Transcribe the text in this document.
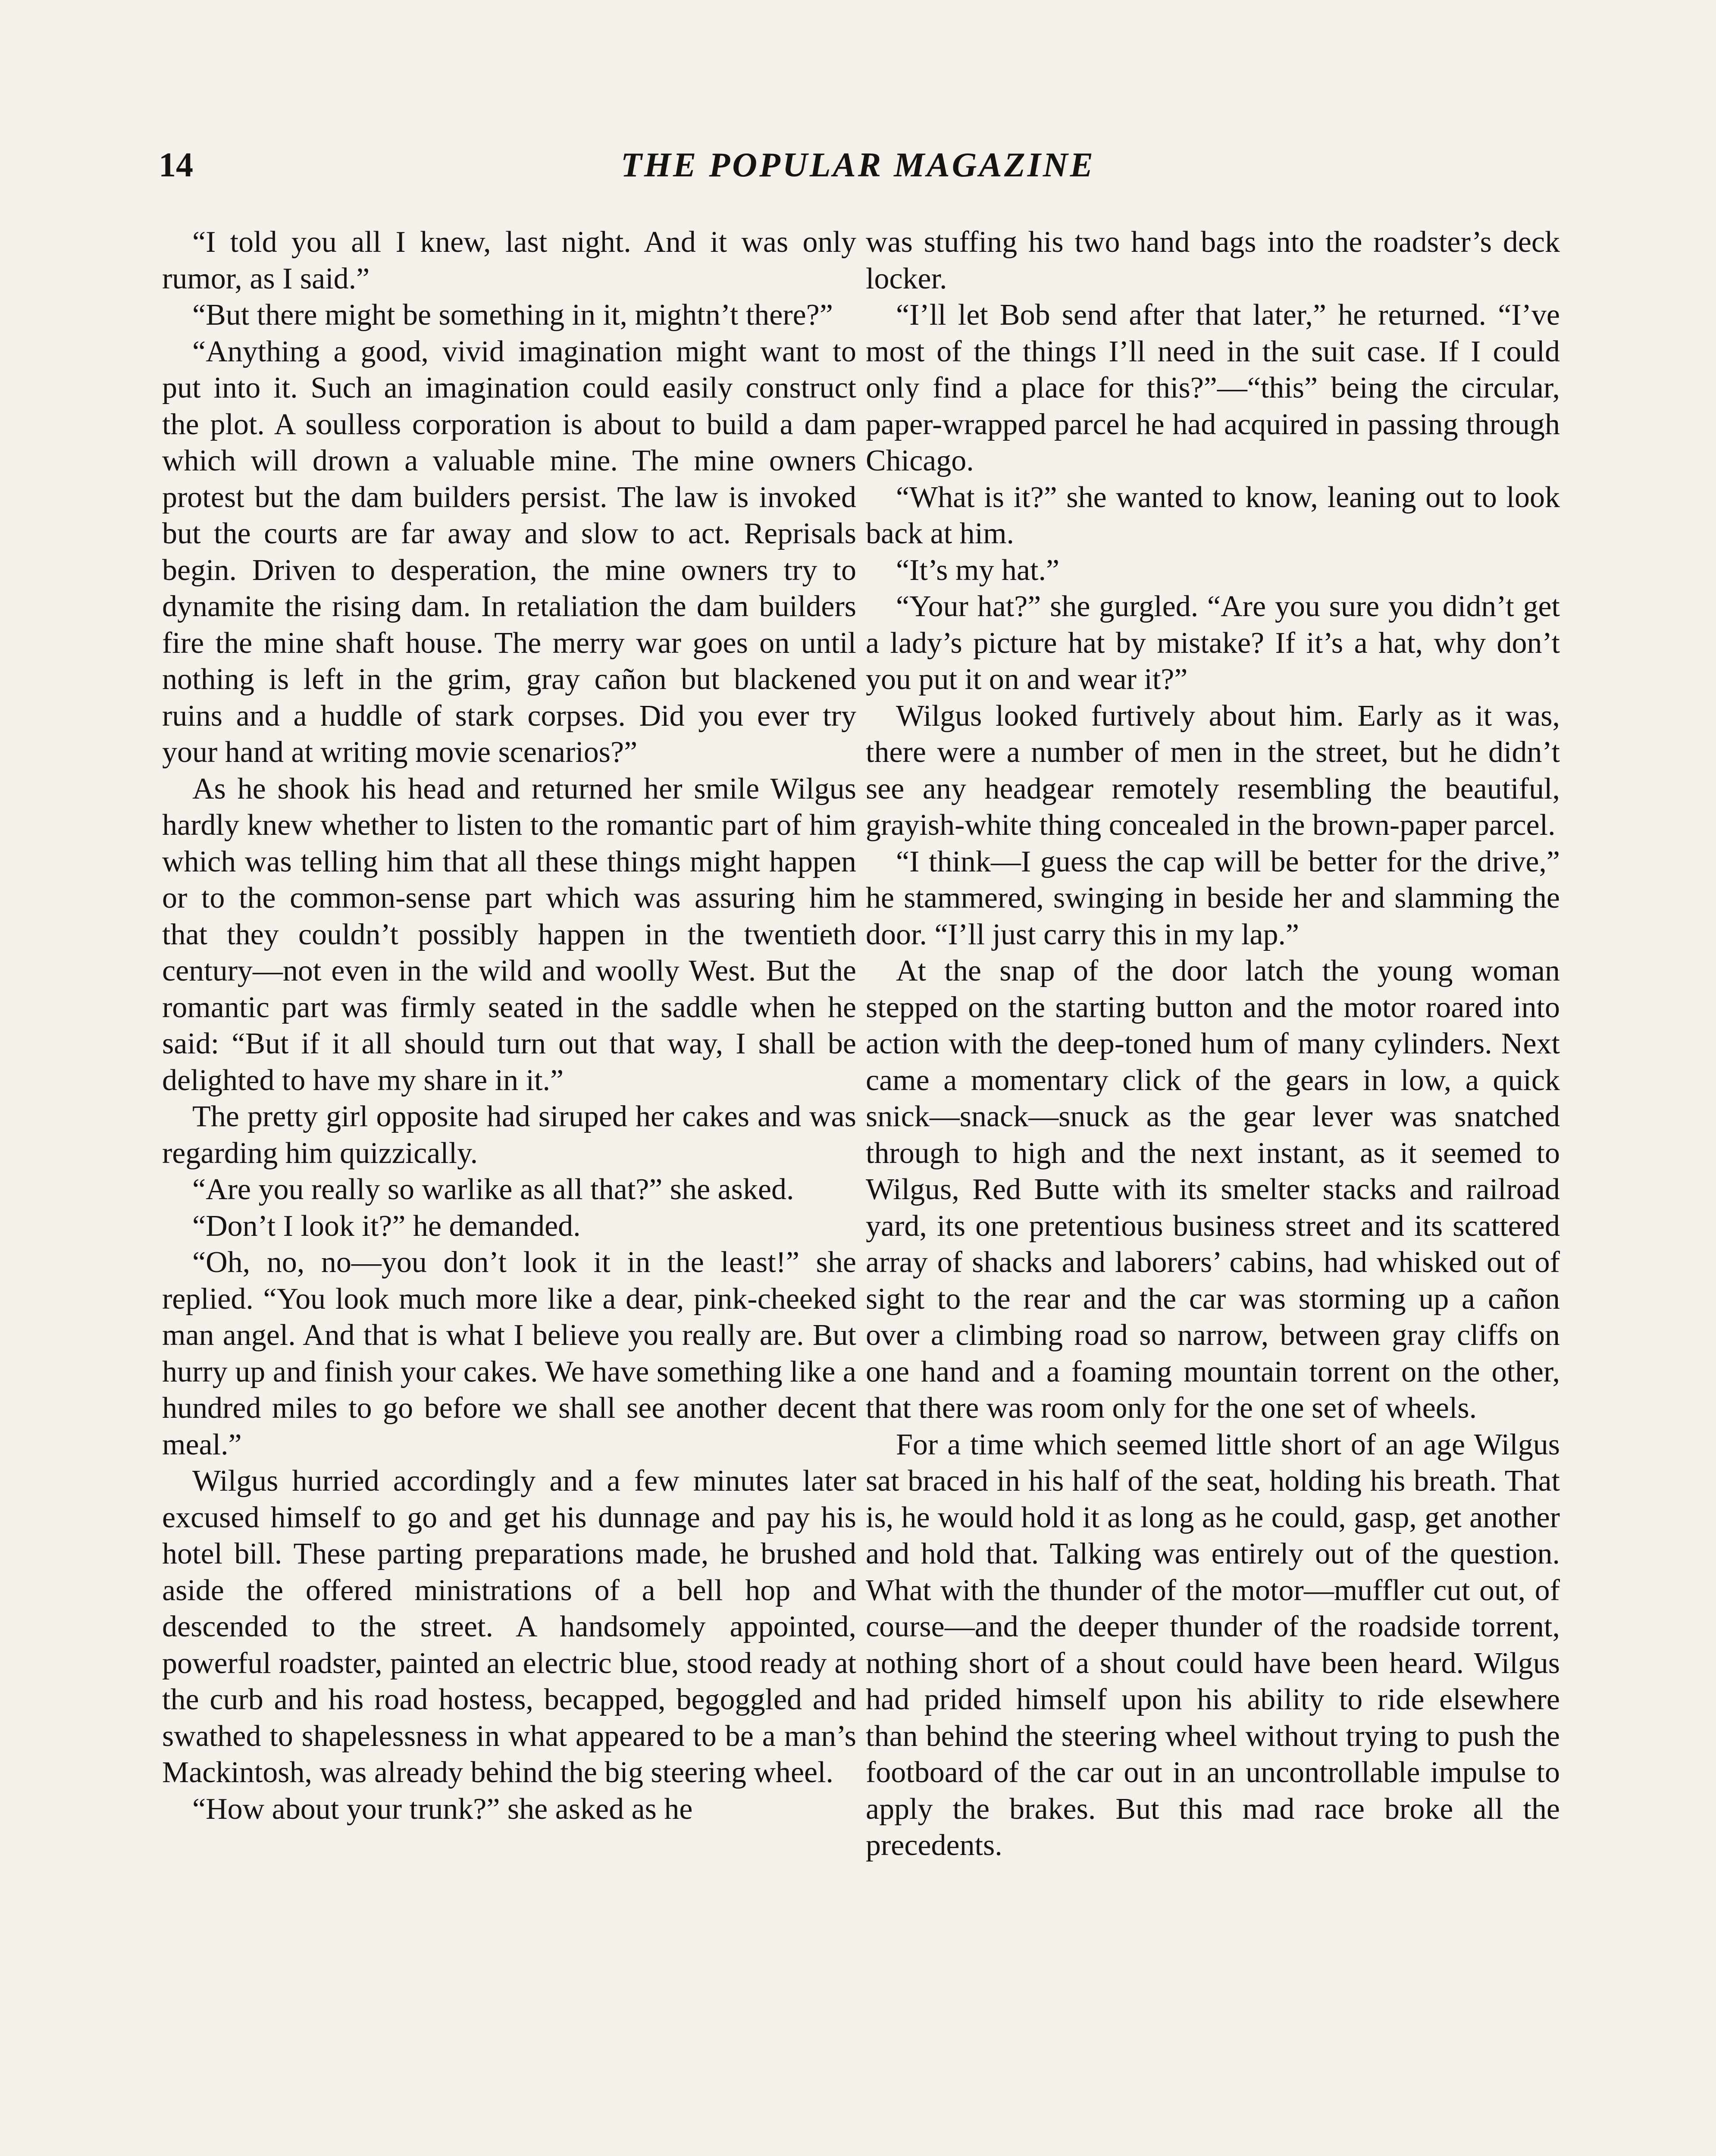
14	THE POPULAR MAGAZINE

“I told you all I knew, last night. And it was only rumor, as I said.”

“But there might be something in it, mightn’t there?”

“Anything a good, vivid imagination might want to put into it. Such an imagination could easily construct the plot. A soulless corporation is about to build a dam which will drown a valuable mine. The mine owners protest but the dam builders persist. The law is invoked but the courts are far away and slow to act. Reprisals begin. Driven to desperation, the mine owners try to dynamite the rising dam. In retaliation the dam builders fire the mine shaft house. The merry war goes on until nothing is left in the grim, gray cañon but blackened ruins and a huddle of stark corpses. Did you ever try your hand at writing movie scenarios?”

As he shook his head and returned her smile Wilgus hardly knew whether to listen to the romantic part of him which was telling him that all these things might happen or to the common-sense part which was assuring him that they couldn’t possibly happen in the twentieth century—not even in the wild and woolly West. But the romantic part was firmly seated in the saddle when he said: “But if it all should turn out that way, I shall be delighted to have my share in it.”

The pretty girl opposite had siruped her cakes and was regarding him quizzically.

“Are you really so warlike as all that?” she asked.

“Don’t I look it?” he demanded.

“Oh, no, no—you don’t look it in the least!” she replied. “You look much more like a dear, pink-cheeked man angel. And that is what I believe you really are. But hurry up and finish your cakes. We have something like a hundred miles to go before we shall see another decent meal.”

Wilgus hurried accordingly and a few minutes later excused himself to go and get his dunnage and pay his hotel bill. These parting preparations made, he brushed aside the offered ministrations of a bell hop and descended to the street. A handsomely appointed, powerful roadster, painted an electric blue, stood ready at the curb and his road hostess, becapped, begoggled and swathed to shapelessness in what appeared to be a man’s Mackintosh, was already behind the big steering wheel.

“How about your trunk?” she asked as he

was stuffing his two hand bags into the roadster’s deck locker.

“I’ll let Bob send after that later,” he returned. “I’ve most of the things I’ll need in the suit case. If I could only find a place for this?”—“this” being the circular, paper-wrapped parcel he had acquired in passing through Chicago.

“What is it?” she wanted to know, leaning out to look back at him.

“It’s my hat.”

“Your hat?” she gurgled. “Are you sure you didn’t get a lady’s picture hat by mistake? If it’s a hat, why don’t you put it on and wear it?”

Wilgus looked furtively about him. Early as it was, there were a number of men in the street, but he didn’t see any headgear remotely resembling the beautiful, grayish-white thing concealed in the brown-paper parcel.

“I think—I guess the cap will be better for the drive,” he stammered, swinging in beside her and slamming the door. “I’ll just carry this in my lap.”

At the snap of the door latch the young woman stepped on the starting button and the motor roared into action with the deep-toned hum of many cylinders. Next came a momentary click of the gears in low, a quick snick—snack—snuck as the gear lever was snatched through to high and the next instant, as it seemed to Wilgus, Red Butte with its smelter stacks and railroad yard, its one pretentious business street and its scattered array of shacks and laborers’ cabins, had whisked out of sight to the rear and the car was storming up a cañon over a climbing road so narrow, between gray cliffs on one hand and a foaming mountain torrent on the other, that there was room only for the one set of wheels.

For a time which seemed little short of an age Wilgus sat braced in his half of the seat, holding his breath. That is, he would hold it as long as he could, gasp, get another and hold that. Talking was entirely out of the question. What with the thunder of the motor—muffler cut out, of course—and the deeper thunder of the roadside torrent, nothing short of a shout could have been heard. Wilgus had prided himself upon his ability to ride elsewhere than behind the steering wheel without trying to push the footboard of the car out in an uncontrollable impulse to apply the brakes. But this mad race broke all the precedents.
